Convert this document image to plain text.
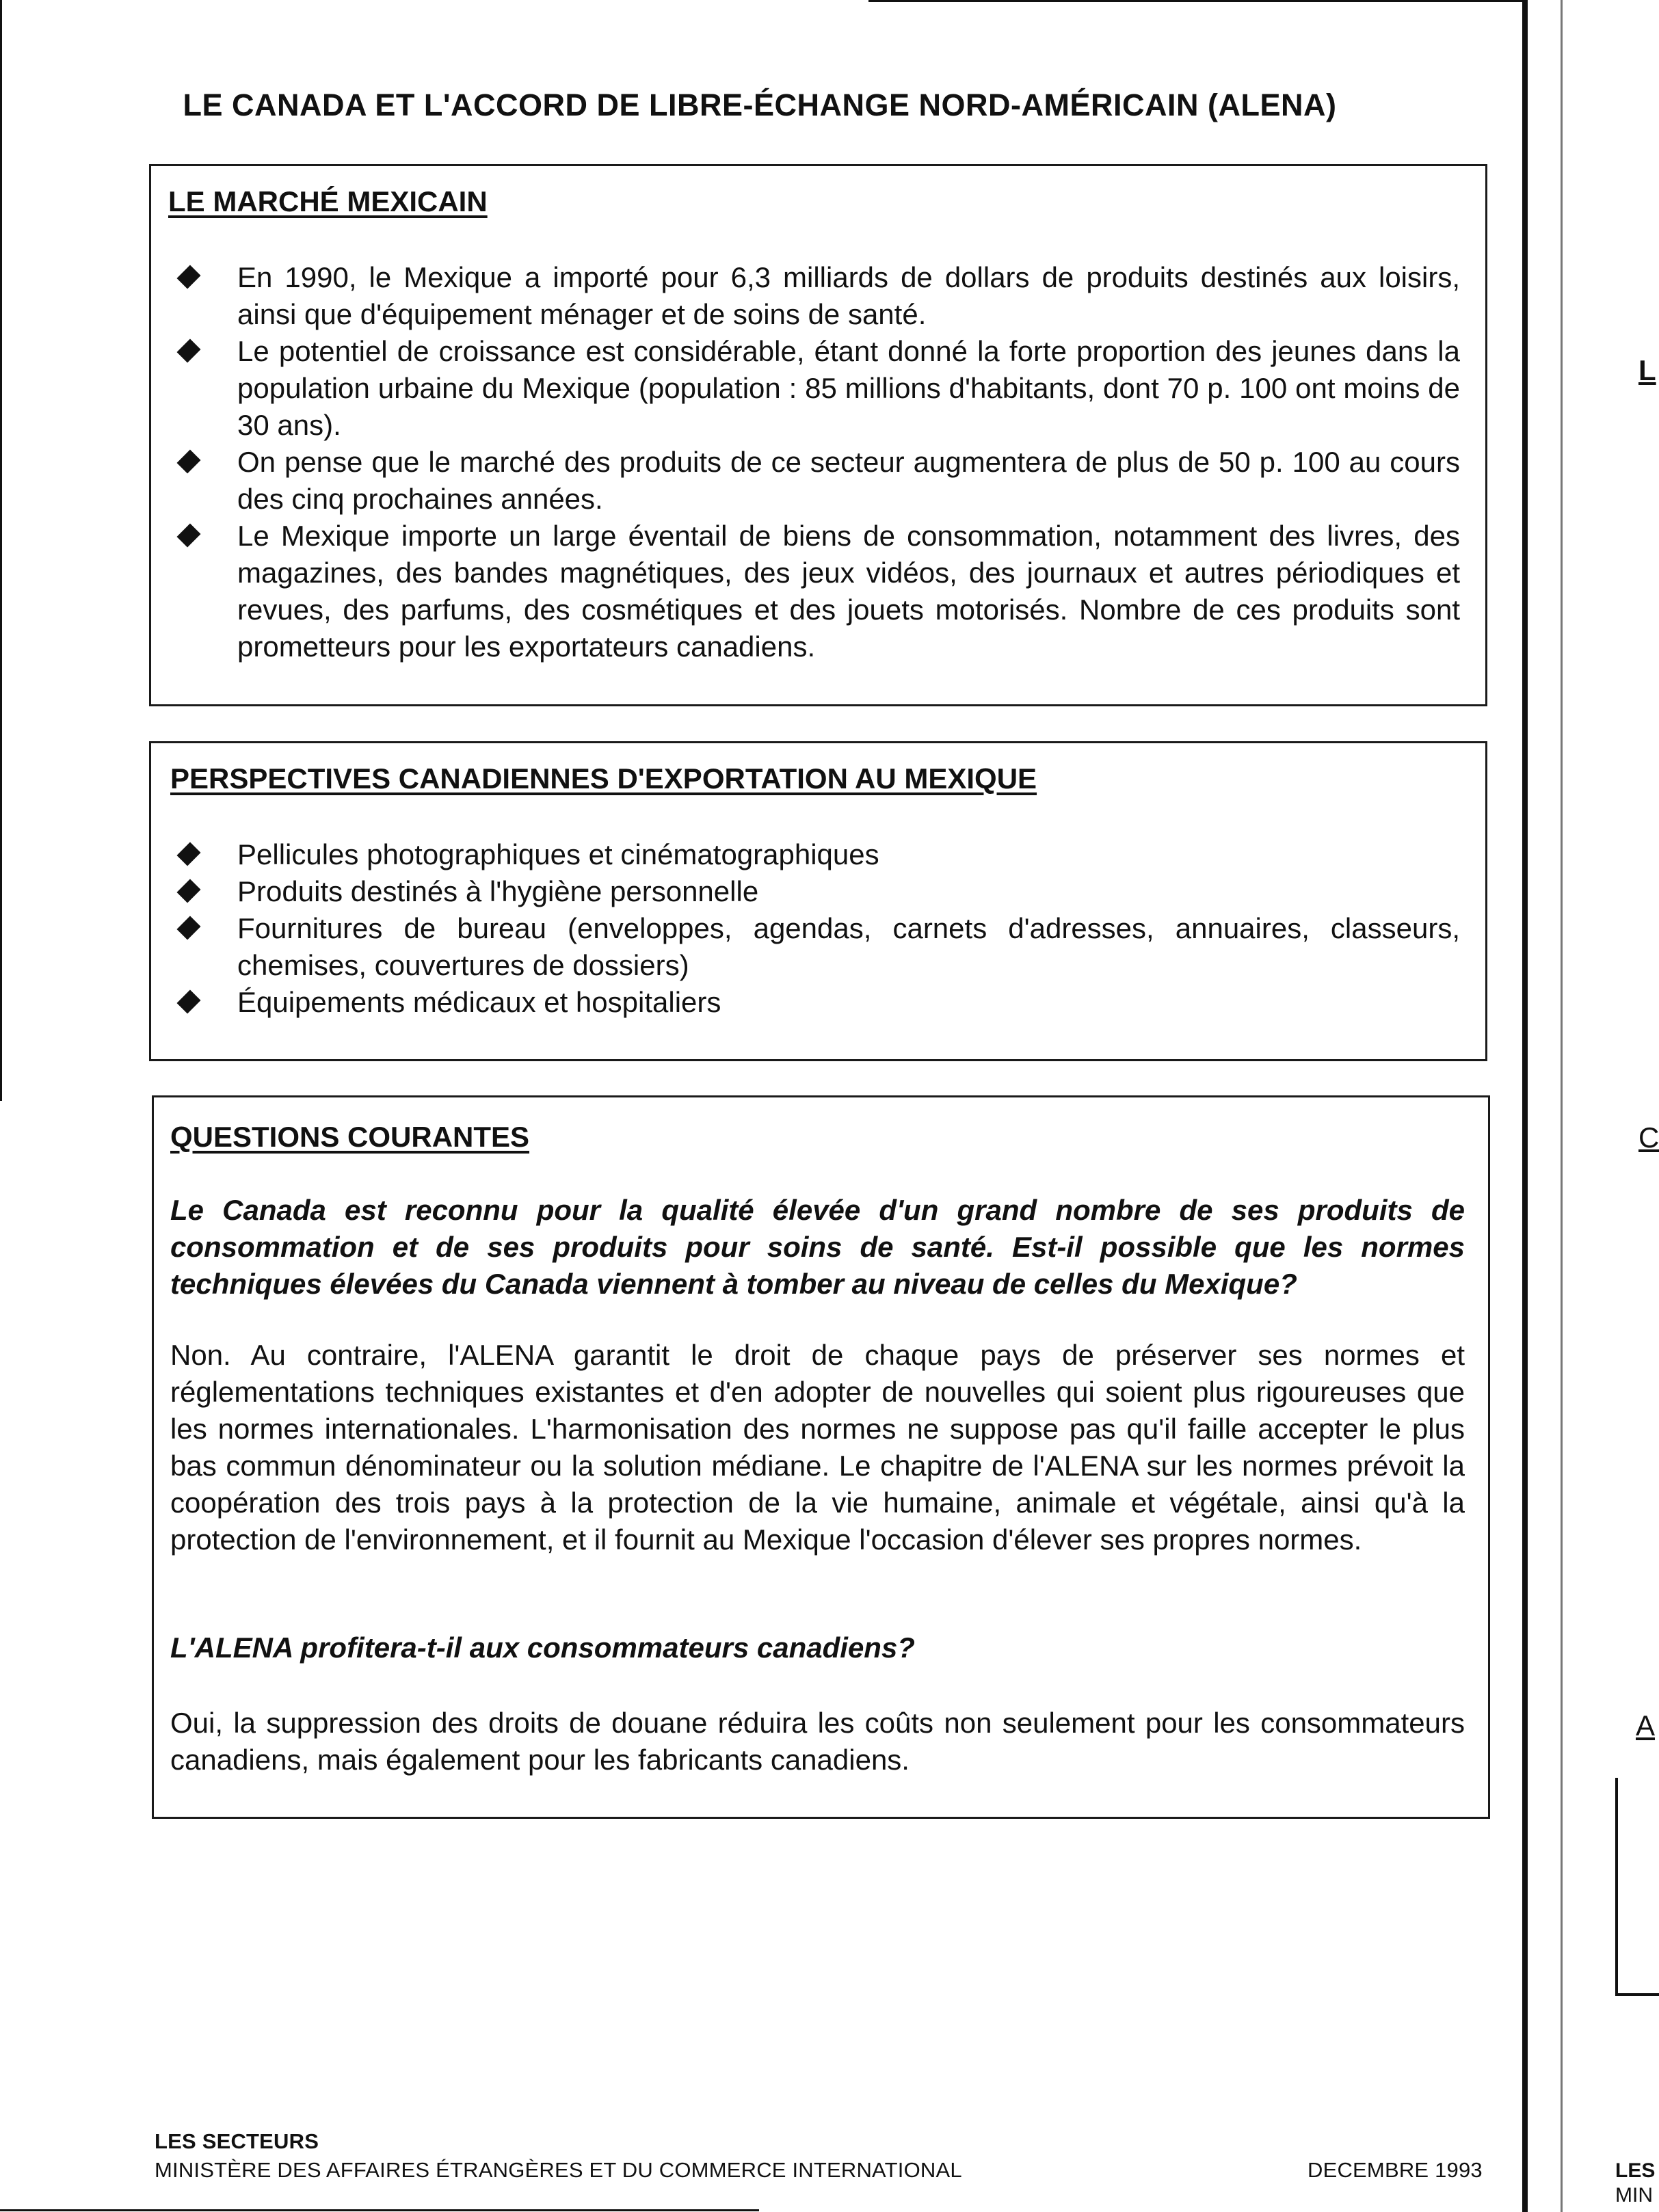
L
C
A
LES
MIN
LE CANADA ET L'ACCORD DE LIBRE-ÉCHANGE NORD-AMÉRICAIN (ALENA)
LE MARCHÉ MEXICAIN
En 1990, le Mexique a importé pour 6,3 milliards de dollars de produits destinés aux loisirs, ainsi que d'équipement ménager et de soins de santé.
Le potentiel de croissance est considérable, étant donné la forte proportion des jeunes dans la population urbaine du Mexique (population : 85 millions d'habitants, dont 70 p. 100 ont moins de 30 ans).
On pense que le marché des produits de ce secteur augmentera de plus de 50 p. 100 au cours des cinq prochaines années.
Le Mexique importe un large éventail de biens de consommation, notamment des livres, des magazines, des bandes magnétiques, des jeux vidéos, des journaux et autres périodiques et revues, des parfums, des cosmétiques et des jouets motorisés. Nombre de ces produits sont prometteurs pour les exportateurs canadiens.
PERSPECTIVES CANADIENNES D'EXPORTATION AU MEXIQUE
Pellicules photographiques et cinématographiques
Produits destinés à l'hygiène personnelle
Fournitures de bureau (enveloppes, agendas, carnets d'adresses, annuaires, classeurs, chemises, couvertures de dossiers)
Équipements médicaux et hospitaliers
QUESTIONS COURANTES
Le Canada est reconnu pour la qualité élevée d'un grand nombre de ses produits de consommation et de ses produits pour soins de santé. Est-il possible que les normes techniques élevées du Canada viennent à tomber au niveau de celles du Mexique?
Non. Au contraire, l'ALENA garantit le droit de chaque pays de préserver ses normes et réglementations techniques existantes et d'en adopter de nouvelles qui soient plus rigoureuses que les normes internationales. L'harmonisation des normes ne suppose pas qu'il faille accepter le plus bas commun dénominateur ou la solution médiane. Le chapitre de l'ALENA sur les normes prévoit la coopération des trois pays à la protection de la vie humaine, animale et végétale, ainsi qu'à la protection de l'environnement, et il fournit au Mexique l'occasion d'élever ses propres normes.
L'ALENA profitera-t-il aux consommateurs canadiens?
Oui, la suppression des droits de douane réduira les coûts non seulement pour les consommateurs canadiens, mais également pour les fabricants canadiens.
LES SECTEURS
MINISTÈRE DES AFFAIRES ÉTRANGÈRES ET DU COMMERCE INTERNATIONAL	DECEMBRE 1993
